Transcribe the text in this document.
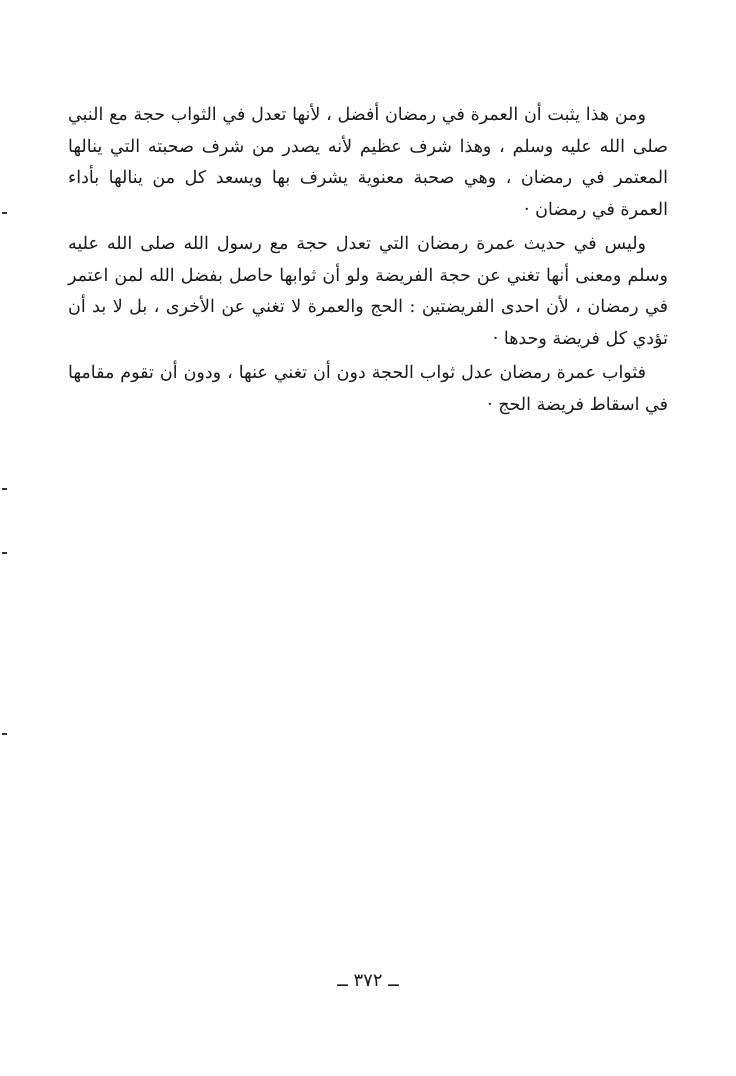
ومن هذا يثبت أن العمرة في رمضان أفضل ، لأنها تعدل في الثواب حجة مع النبي صلى الله عليه وسلم ، وهذا شرف عظيم لأنه يصدر من شرف صحبته التي ينالها المعتمر في رمضان ، وهي صحبة معنوية يشرف بها ويسعد كل من ينالها بأداء العمرة في رمضان ·

وليس في حديث عمرة رمضان التي تعدل حجة مع رسول الله صلى الله عليه وسلم ومعنى أنها تغني عن حجة الفريضة ولو أن ثوابها حاصل بفضل الله لمن اعتمر في رمضان ، لأن احدى الفريضتين : الحج والعمرة لا تغني عن الأخرى ، بل لا بد أن تؤدي كل فريضة وحدها ·

فثواب عمرة رمضان عدل ثواب الحجة دون أن تغني عنها ، ودون أن تقوم مقامها في اسقاط فريضة الحج ·

ــ ٣٧٢ ــ
